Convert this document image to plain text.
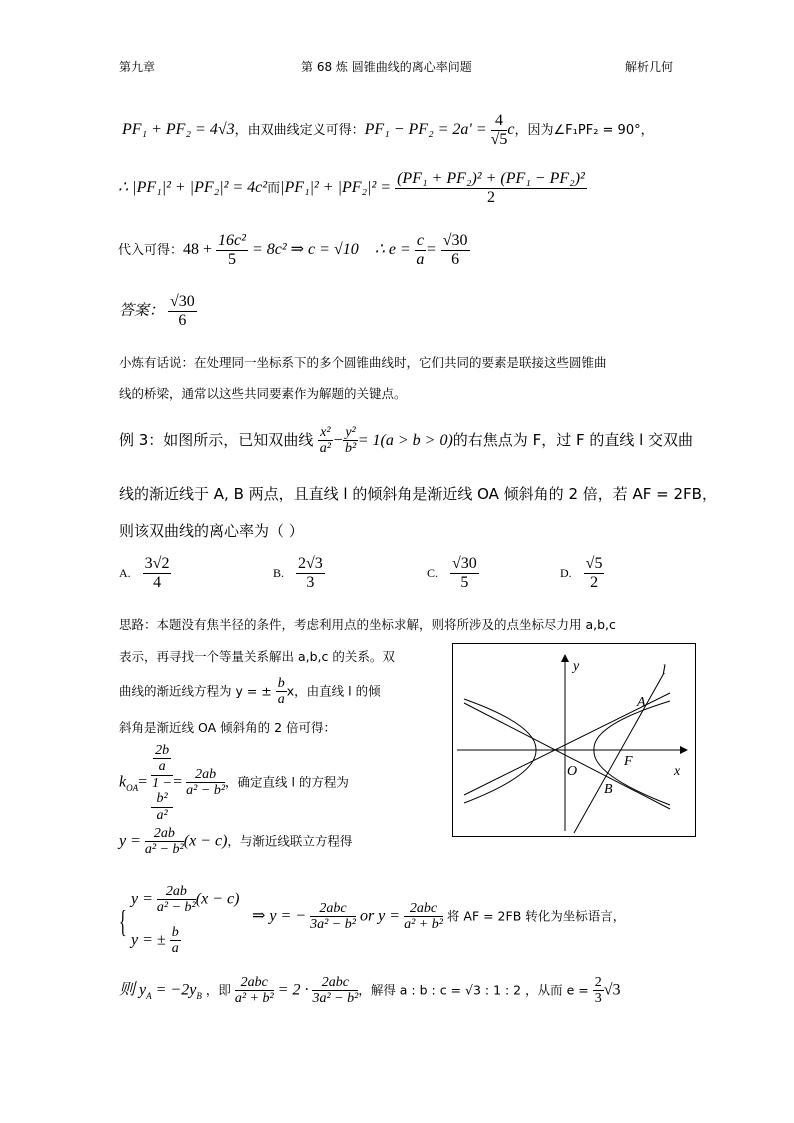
第九章	第 68 炼 圆锥曲线的离心率问题	解析几何
PF₁ + PF₂ = 4√3，由双曲线定义可得：$PF_1 - PF_2 = 2a' = \frac{4}{√5}$ c，因为∠F₁PF₂ = 90°，
∴ |PF₁|² + |PF₂|² = 4c²而$|PF_1|^2 + |PF_2|^2 = \frac{\text{(PF₁ + PF₂)² + (PF₁ − PF₂)²}}{2}$
代入可得：$48 + \frac{\text{16c²}}{5} = 8c^2$ ⇒ c = √10 ∴ $e = \frac{c}{a} = \frac{√30}{6}$
答案： $\frac{√30}{6}$
小炼有话说：在处理同一坐标系下的多个圆锥曲线时，它们共同的要素是联接这些圆锥曲
线的桥梁，通常以这些共同要素作为解题的关键点。
例 3：如图所示，已知双曲线 $\frac{\text{x²}}{\text{a²}} - \frac{\text{y²}}{\text{b²}} = 1(a > b > 0)$的右焦点为 F，过 F 的直线 l 交双曲
线的渐近线于 A, B 两点，且直线 l 的倾斜角是渐近线 OA 倾斜角的 2 倍，若 AF = 2FB，
则该双曲线的离心率为（ ）
A. $\frac{3√2}{4}$	B. $\frac{2√3}{3}$	C. $\frac{√30}{5}$	D. $\frac{√5}{2}$
思路：本题没有焦半径的条件，考虑利用点的坐标求解，则将所涉及的点坐标尽力用 a,b,c
表示，再寻找一个等量关系解出 a,b,c 的关系。双
曲线的渐近线方程为 y = ± $\frac{b}{a}$ x，由直线 l 的倾
斜角是渐近线 OA 倾斜角的 2 倍可得：
$k_{OA}= 2b$
a
1 −
b²
$a^2 = \frac{2ab}{\text{a² − b²}}$ ，确定直线 l 的方程为
$y = \frac{2ab}{\text{a² − b²}} (x - c)$，与渐近线联立方程得
{
$y = \frac{2ab}{\text{a² − b²}} (x - c)$
y = ± $\frac{b}{a}$
⇒ y = − $\frac{\text{2abc}}{\text{3a² − b²}}$ or $y = \frac{\text{2abc}}{\text{a² + b²}}$ 将 AF = 2FB 转化为坐标语言，
则 $y_A = -2y_B$ ，即 $\frac{\text{2abc}}{\text{a² + b²}} = 2 \cdot \frac{\text{2abc}}{\text{3a² − b²}}$ ，解得 a : b : c = √3 : 1 : 2 ，从而 $e = \frac{2}{3} √3$
y
x
l
A
B
F
O
